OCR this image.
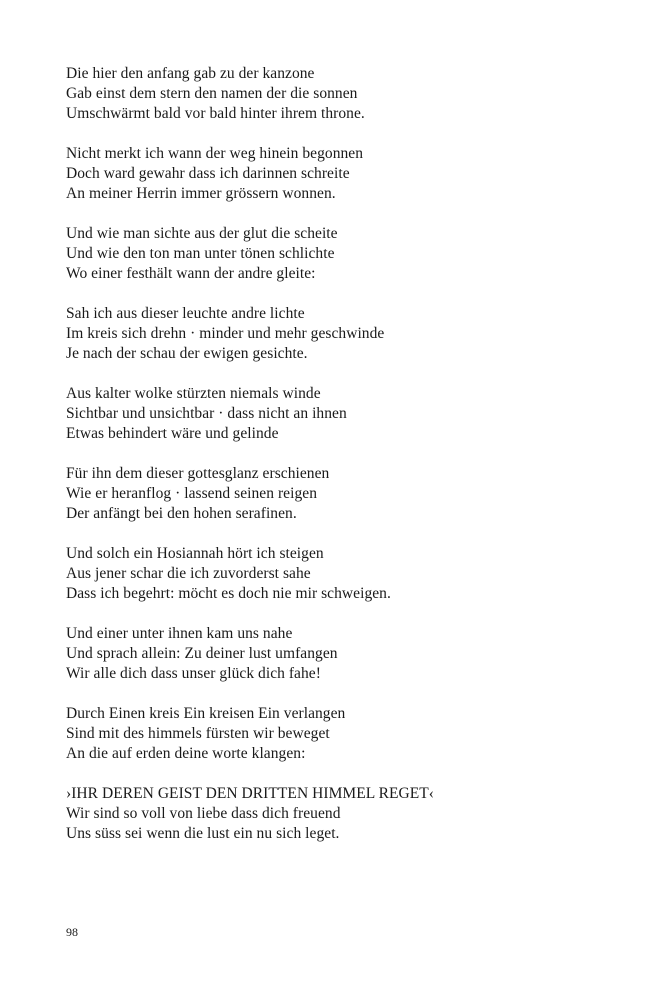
Die hier den anfang gab zu der kanzone
Gab einst dem stern den namen der die sonnen
Umschwärmt bald vor bald hinter ihrem throne.
Nicht merkt ich wann der weg hinein begonnen
Doch ward gewahr dass ich darinnen schreite
An meiner Herrin immer grössern wonnen.
Und wie man sichte aus der glut die scheite
Und wie den ton man unter tönen schlichte
Wo einer festhält wann der andre gleite:
Sah ich aus dieser leuchte andre lichte
Im kreis sich drehn · minder und mehr geschwinde
Je nach der schau der ewigen gesichte.
Aus kalter wolke stürzten niemals winde
Sichtbar und unsichtbar · dass nicht an ihnen
Etwas behindert wäre und gelinde
Für ihn dem dieser gottesglanz erschienen
Wie er heranflog · lassend seinen reigen
Der anfängt bei den hohen serafinen.
Und solch ein Hosiannah hört ich steigen
Aus jener schar die ich zuvorderst sahe
Dass ich begehrt: möcht es doch nie mir schweigen.
Und einer unter ihnen kam uns nahe
Und sprach allein: Zu deiner lust umfangen
Wir alle dich dass unser glück dich fahe!
Durch Einen kreis Ein kreisen Ein verlangen
Sind mit des himmels fürsten wir beweget
An die auf erden deine worte klangen:
›IHR DEREN GEIST DEN DRITTEN HIMMEL REGET‹
Wir sind so voll von liebe dass dich freuend
Uns süss sei wenn die lust ein nu sich leget.
98
